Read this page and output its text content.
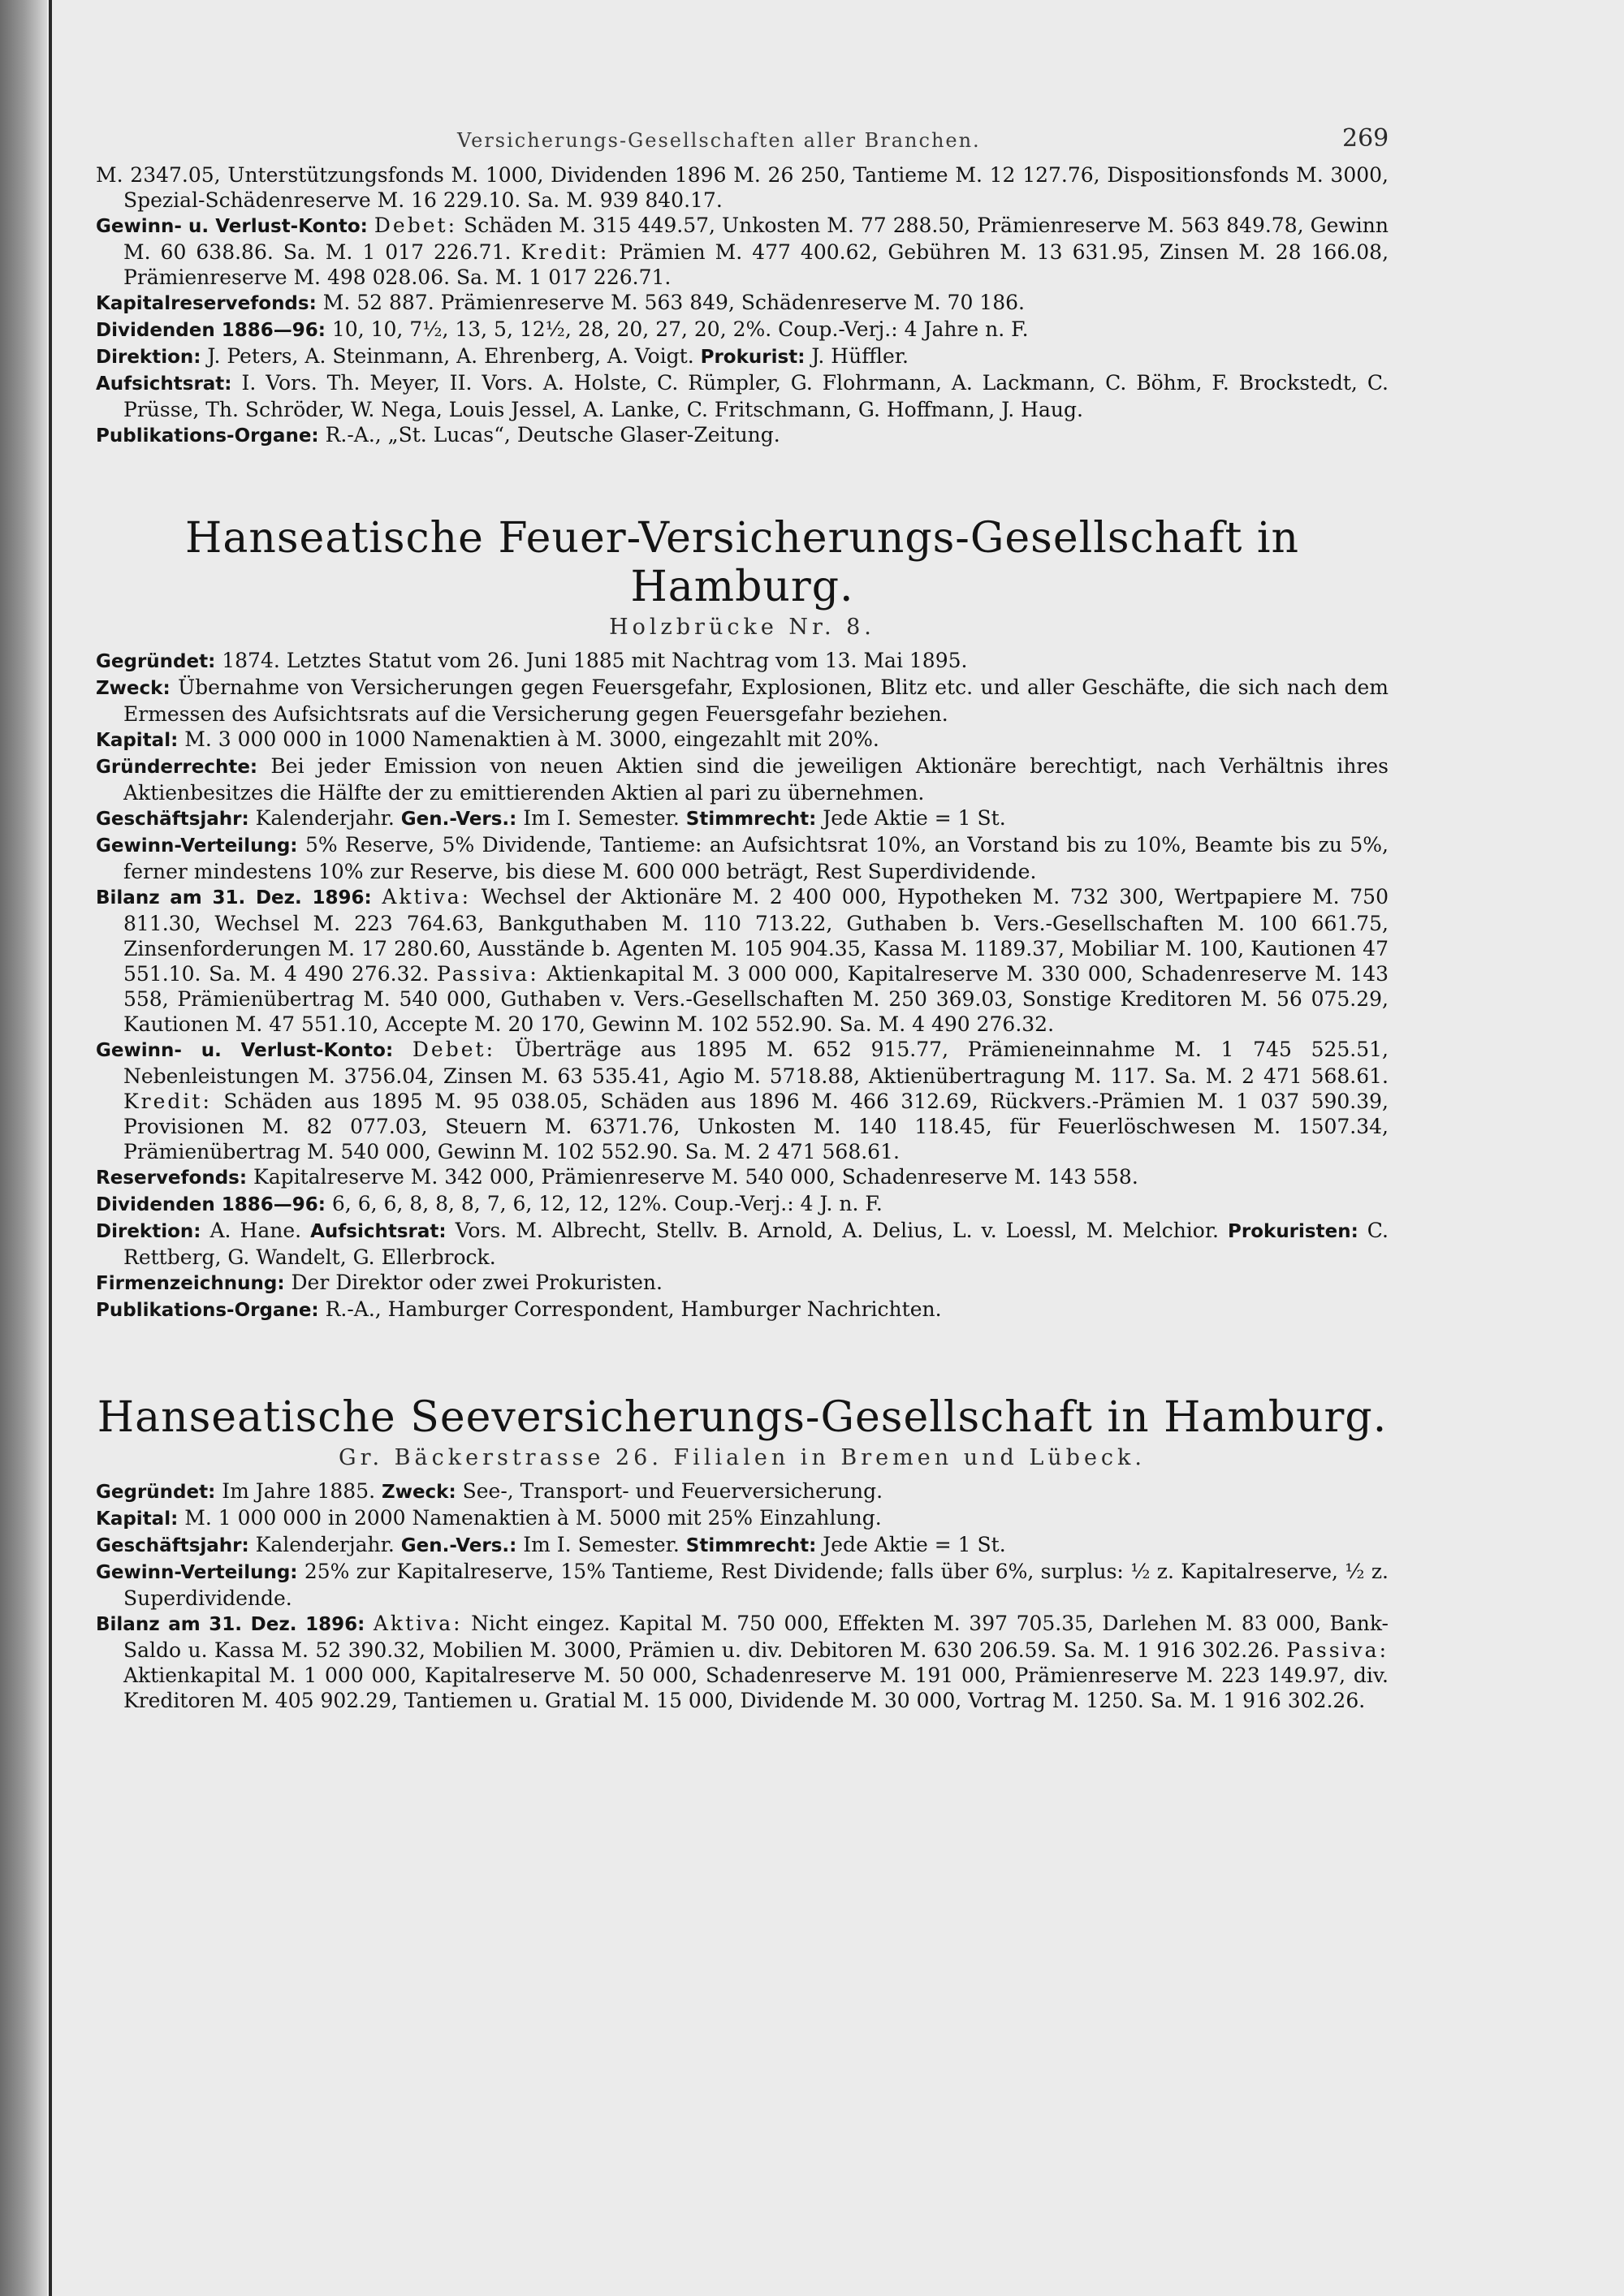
Versicherungs-Gesellschaften aller Branchen.	269

M. 2347.05, Unterstützungsfonds M. 1000, Dividenden 1896 M. 26 250, Tantieme M. 12 127.76, Dispositionsfonds M. 3000, Spezial-Schädenreserve M. 16 229.10. Sa. M. 939 840.17.

Gewinn- u. Verlust-Konto: Debet: Schäden M. 315 449.57, Unkosten M. 77 288.50, Prämienreserve M. 563 849.78, Gewinn M. 60 638.86. Sa. M. 1 017 226.71. Kredit: Prämien M. 477 400.62, Gebühren M. 13 631.95, Zinsen M. 28 166.08, Prämienreserve M. 498 028.06. Sa. M. 1 017 226.71.

Kapitalreservefonds: M. 52 887. Prämienreserve M. 563 849, Schädenreserve M. 70 186.

Dividenden 1886—96: 10, 10, 7½, 13, 5, 12½, 28, 20, 27, 20, 2%. Coup.-Verj.: 4 Jahre n. F.

Direktion: J. Peters, A. Steinmann, A. Ehrenberg, A. Voigt. Prokurist: J. Hüffler.

Aufsichtsrat: I. Vors. Th. Meyer, II. Vors. A. Holste, C. Rümpler, G. Flohrmann, A. Lackmann, C. Böhm, F. Brockstedt, C. Prüsse, Th. Schröder, W. Nega, Louis Jessel, A. Lanke, C. Fritschmann, G. Hoffmann, J. Haug.

Publikations-Organe: R.-A., „St. Lucas“, Deutsche Glaser-Zeitung.

Hanseatische Feuer-Versicherungs-Gesellschaft in Hamburg.
Holzbrücke Nr. 8.

Gegründet: 1874. Letztes Statut vom 26. Juni 1885 mit Nachtrag vom 13. Mai 1895.

Zweck: Übernahme von Versicherungen gegen Feuersgefahr, Explosionen, Blitz etc. und aller Geschäfte, die sich nach dem Ermessen des Aufsichtsrats auf die Versicherung gegen Feuersgefahr beziehen.

Kapital: M. 3 000 000 in 1000 Namenaktien à M. 3000, eingezahlt mit 20%.

Gründerrechte: Bei jeder Emission von neuen Aktien sind die jeweiligen Aktionäre berechtigt, nach Verhältnis ihres Aktienbesitzes die Hälfte der zu emittierenden Aktien al pari zu übernehmen.

Geschäftsjahr: Kalenderjahr. Gen.-Vers.: Im I. Semester. Stimmrecht: Jede Aktie = 1 St.

Gewinn-Verteilung: 5% Reserve, 5% Dividende, Tantieme: an Aufsichtsrat 10%, an Vorstand bis zu 10%, Beamte bis zu 5%, ferner mindestens 10% zur Reserve, bis diese M. 600 000 beträgt, Rest Superdividende.

Bilanz am 31. Dez. 1896: Aktiva: Wechsel der Aktionäre M. 2 400 000, Hypotheken M. 732 300, Wertpapiere M. 750 811.30, Wechsel M. 223 764.63, Bankguthaben M. 110 713.22, Guthaben b. Vers.-Gesellschaften M. 100 661.75, Zinsenforderungen M. 17 280.60, Ausstände b. Agenten M. 105 904.35, Kassa M. 1189.37, Mobiliar M. 100, Kautionen 47 551.10. Sa. M. 4 490 276.32. Passiva: Aktienkapital M. 3 000 000, Kapitalreserve M. 330 000, Schadenreserve M. 143 558, Prämienübertrag M. 540 000, Guthaben v. Vers.-Gesellschaften M. 250 369.03, Sonstige Kreditoren M. 56 075.29, Kautionen M. 47 551.10, Accepte M. 20 170, Gewinn M. 102 552.90. Sa. M. 4 490 276.32.

Gewinn- u. Verlust-Konto: Debet: Überträge aus 1895 M. 652 915.77, Prämieneinnahme M. 1 745 525.51, Nebenleistungen M. 3756.04, Zinsen M. 63 535.41, Agio M. 5718.88, Aktienübertragung M. 117. Sa. M. 2 471 568.61. Kredit: Schäden aus 1895 M. 95 038.05, Schäden aus 1896 M. 466 312.69, Rückvers.-Prämien M. 1 037 590.39, Provisionen M. 82 077.03, Steuern M. 6371.76, Unkosten M. 140 118.45, für Feuerlöschwesen M. 1507.34, Prämienübertrag M. 540 000, Gewinn M. 102 552.90. Sa. M. 2 471 568.61.

Reservefonds: Kapitalreserve M. 342 000, Prämienreserve M. 540 000, Schadenreserve M. 143 558.

Dividenden 1886—96: 6, 6, 6, 8, 8, 8, 7, 6, 12, 12, 12%. Coup.-Verj.: 4 J. n. F.

Direktion: A. Hane. Aufsichtsrat: Vors. M. Albrecht, Stellv. B. Arnold, A. Delius, L. v. Loessl, M. Melchior. Prokuristen: C. Rettberg, G. Wandelt, G. Ellerbrock.

Firmenzeichnung: Der Direktor oder zwei Prokuristen.

Publikations-Organe: R.-A., Hamburger Correspondent, Hamburger Nachrichten.

Hanseatische Seeversicherungs-Gesellschaft in Hamburg.
Gr. Bäckerstrasse 26. Filialen in Bremen und Lübeck.

Gegründet: Im Jahre 1885. Zweck: See-, Transport- und Feuerversicherung.

Kapital: M. 1 000 000 in 2000 Namenaktien à M. 5000 mit 25% Einzahlung.

Geschäftsjahr: Kalenderjahr. Gen.-Vers.: Im I. Semester. Stimmrecht: Jede Aktie = 1 St.

Gewinn-Verteilung: 25% zur Kapitalreserve, 15% Tantieme, Rest Dividende; falls über 6%, surplus: ½ z. Kapitalreserve, ½ z. Superdividende.

Bilanz am 31. Dez. 1896: Aktiva: Nicht eingez. Kapital M. 750 000, Effekten M. 397 705.35, Darlehen M. 83 000, Bank-Saldo u. Kassa M. 52 390.32, Mobilien M. 3000, Prämien u. div. Debitoren M. 630 206.59. Sa. M. 1 916 302.26. Passiva: Aktienkapital M. 1 000 000, Kapitalreserve M. 50 000, Schadenreserve M. 191 000, Prämienreserve M. 223 149.97, div. Kreditoren M. 405 902.29, Tantiemen u. Gratial M. 15 000, Dividende M. 30 000, Vortrag M. 1250. Sa. M. 1 916 302.26.
